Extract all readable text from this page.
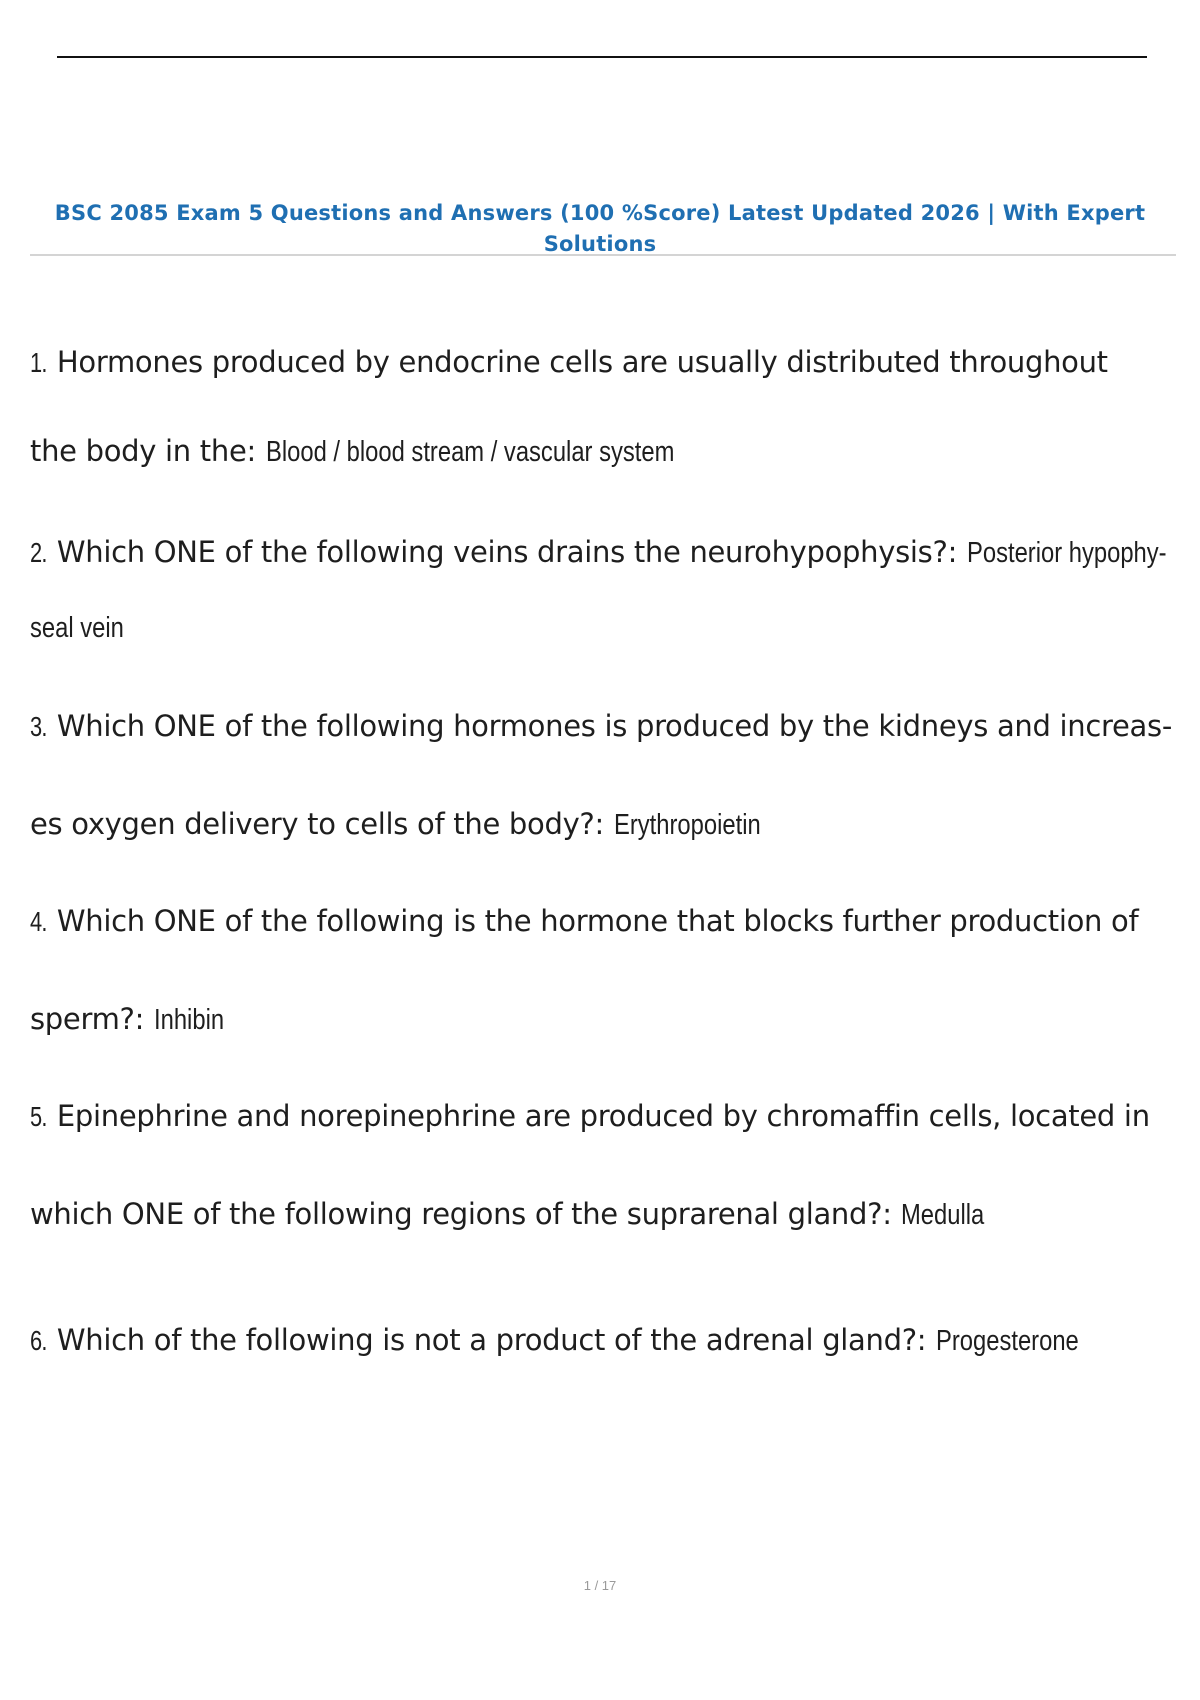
BSC 2085 Exam 5 Questions and Answers (100 %Score) Latest Updated 2026 | With Expert
Solutions
1. Hormones produced by endocrine cells are usually distributed throughout
the body in the: Blood / blood stream / vascular system
2. Which ONE of the following veins drains the neurohypophysis?: Posterior hypophy-
seal vein
3. Which ONE of the following hormones is produced by the kidneys and increas-
es oxygen delivery to cells of the body?: Erythropoietin
4. Which ONE of the following is the hormone that blocks further production of
sperm?: Inhibin
5. Epinephrine and norepinephrine are produced by chromaffin cells, located in
which ONE of the following regions of the suprarenal gland?: Medulla
6. Which of the following is not a product of the adrenal gland?: Progesterone
1 / 17
